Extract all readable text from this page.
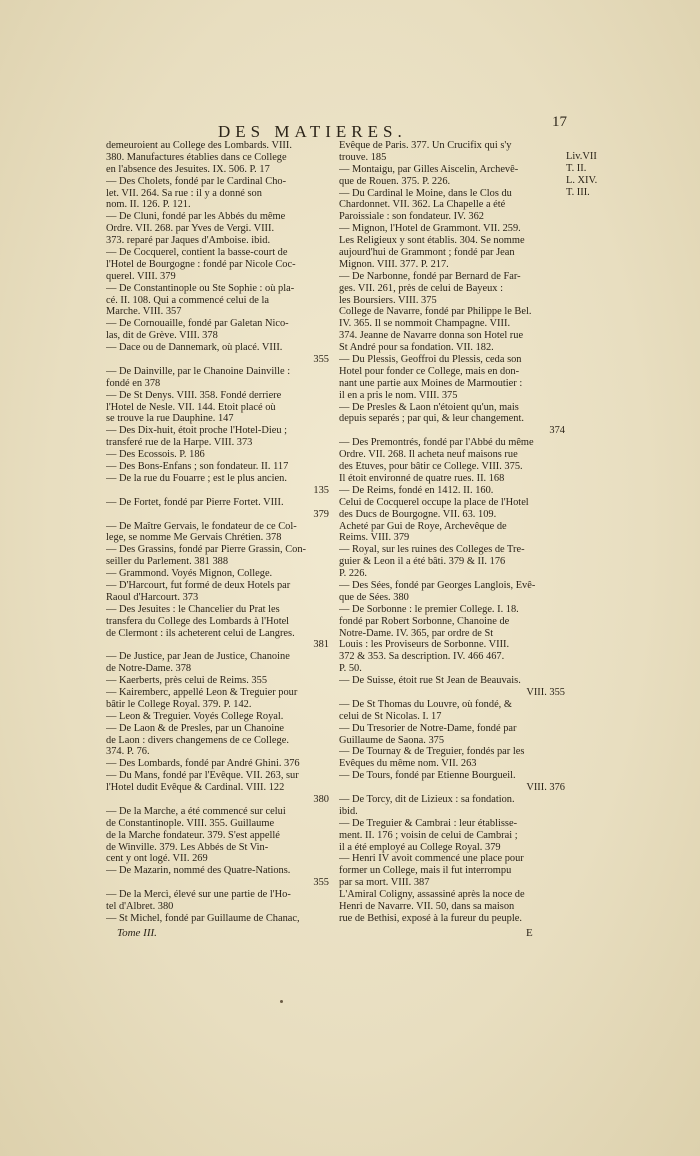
DES MATIERES.	17
demeuroient au College des Lombards. VIII.
380. Manufactures établies dans ce College
en l'absence des Jesuites. IX. 506. P. 17
— Des Cholets, fondé par le Cardinal Cho-
let. VII. 264. Sa rue : il y a donné son
nom. II. 126. P. 121.
— De Cluni, fondé par les Abbés du même
Ordre. VII. 268. par Yves de Vergi. VIII.
373. reparé par Jaques d'Amboise. ibid.
— De Cocquerel, contient la basse-court de
l'Hotel de Bourgogne : fondé par Nicole Coc-
querel. VIII. 379
— De Constantinople ou Ste Sophie : où pla-
cé. II. 108. Qui a commencé celui de la
Marche. VIII. 357
— De Cornouaille, fondé par Galetan Nico-
las, dit de Grève. VIII. 378
— Dace ou de Dannemark, où placé. VIII.
355
— De Dainville, par le Chanoine Dainville :
fondé en 378
— De St Denys. VIII. 358. Fondé derriere
l'Hotel de Nesle. VII. 144. Etoit placé où
se trouve la rue Dauphine. 147
— Des Dix-huit, étoit proche l'Hotel-Dieu ;
transferé rue de la Harpe. VIII. 373
— Des Ecossois. P. 186
— Des Bons-Enfans ; son fondateur. II. 117
— De la rue du Fouarre ; est le plus ancien.
135
— De Fortet, fondé par Pierre Fortet. VIII.
379
— De Maître Gervais, le fondateur de ce Col-
lege, se nomme Me Gervais Chrétien. 378
— Des Grassins, fondé par Pierre Grassin, Con-
seiller du Parlement. 381 388
— Grammond. Voyés Mignon, College.
— D'Harcourt, fut formé de deux Hotels par
Raoul d'Harcourt. 373
— Des Jesuites : le Chancelier du Prat les
transfera du College des Lombards à l'Hotel
de Clermont : ils acheterent celui de Langres.
381
— De Justice, par Jean de Justice, Chanoine
de Notre-Dame. 378
— Kaerberts, près celui de Reims. 355
— Kairemberc, appellé Leon & Treguier pour
bâtir le College Royal. 379. P. 142.
— Leon & Treguier. Voyés College Royal.
— De Laon & de Presles, par un Chanoine
de Laon : divers changemens de ce College.
374. P. 76.
— Des Lombards, fondé par André Ghini. 376
— Du Mans, fondé par l'Evêque. VII. 263, sur
l'Hotel dudit Evêque & Cardinal. VIII. 122
380
— De la Marche, a été commencé sur celui
de Constantinople. VIII. 355. Guillaume
de la Marche fondateur. 379. S'est appellé
de Winville. 379. Les Abbés de St Vin-
cent y ont logé. VII. 269
— De Mazarin, nommé des Quatre-Nations.
355
— De la Mercì, élevé sur une partie de l'Ho-
tel d'Albret. 380
— St Michel, fondé par Guillaume de Chanac,
Evêque de Paris. 377. Un Crucifix qui s'y
trouve. 185
— Montaigu, par Gilles Aiscelin, Archevê-
que de Rouen. 375. P. 226.
— Du Cardinal le Moine, dans le Clos du
Chardonnet. VII. 362. La Chapelle a été
Paroissiale : son fondateur. IV. 362
— Mignon, l'Hotel de Grammont. VII. 259.
Les Religieux y sont établis. 304. Se nomme
aujourd'hui de Grammont ; fondé par Jean
Mignon. VIII. 377. P. 217.
— De Narbonne, fondé par Bernard de Far-
ges. VII. 261, près de celui de Bayeux :
les Boursiers. VIII. 375
College de Navarre, fondé par Philippe le Bel.
IV. 365. Il se nommoit Champagne. VIII.
374. Jeanne de Navarre donna son Hotel rue
St André pour sa fondation. VII. 182.
— Du Plessis, Geoffroi du Plessis, ceda son
Hotel pour fonder ce College, mais en don-
nant une partie aux Moines de Marmoutier :
il en a pris le nom. VIII. 375
— De Presles & Laon n'étoient qu'un, mais
depuis separés ; par qui, & leur changement.
374
— Des Premontrés, fondé par l'Abbé du même
Ordre. VII. 268. Il acheta neuf maisons rue
des Etuves, pour bâtir ce College. VIII. 375.
Il étoit environné de quatre rues. II. 168
— De Reims, fondé en 1412. II. 160.
Celui de Cocquerel occupe la place de l'Hotel
des Ducs de Bourgogne. VII. 63. 109.
Acheté par Gui de Roye, Archevêque de
Reims. VIII. 379
— Royal, sur les ruines des Colleges de Tre-
guier & Leon il a été bâti. 379 & II. 176
P. 226.
— Des Sées, fondé par Georges Langlois, Evê-
que de Sées. 380
— De Sorbonne : le premier College. I. 18.
fondé par Robert Sorbonne, Chanoine de
Notre-Dame. IV. 365, par ordre de St
Louis : les Proviseurs de Sorbonne. VIII.
372 & 353. Sa description. IV. 466 467.
P. 50.
— De Suisse, étoit rue St Jean de Beauvais.
VIII. 355
— De St Thomas du Louvre, où fondé, &
celui de St Nicolas. I. 17
— Du Tresorier de Notre-Dame, fondé par
Guillaume de Saona. 375
— De Tournay & de Treguier, fondés par les
Evêques du même nom. VII. 263
— De Tours, fondé par Etienne Bourgueil.
VIII. 376
— De Torcy, dit de Lizieux : sa fondation.
ibid.
— De Treguier & Cambrai : leur établisse-
ment. II. 176 ; voisin de celui de Cambrai ;
il a été employé au College Royal. 379
— Henri IV avoit commencé une place pour
former un College, mais il fut interrompu
par sa mort. VIII. 387
L'Amiral Coligny, assassiné après la noce de
Henri de Navarre. VII. 50, dans sa maison
rue de Bethisi, exposé à la fureur du peuple.
Liv.VII
T. II.
L. XIV.
T. III.
Tome III.	E
